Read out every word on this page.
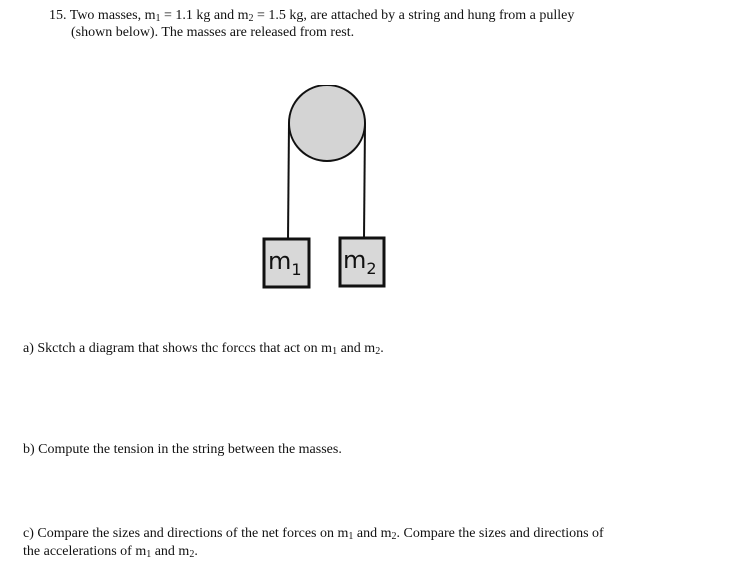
15. Two masses, $m_1 = 1.1$ kg and $m_2 = 1.5$ kg, are attached by a string and hung from a pulley
(shown below). The masses are released from rest.
$m_1$ $m_2$
a) Skctch a diagram that shows thc forccs that act on $m_1$ and $m_2$.
b) Compute the tension in the string between the masses.
c) Compare the sizes and directions of the net forces on $m_1$ and $m_2$. Compare the sizes and directions of
the accelerations of $m_1$ and $m_2$.
